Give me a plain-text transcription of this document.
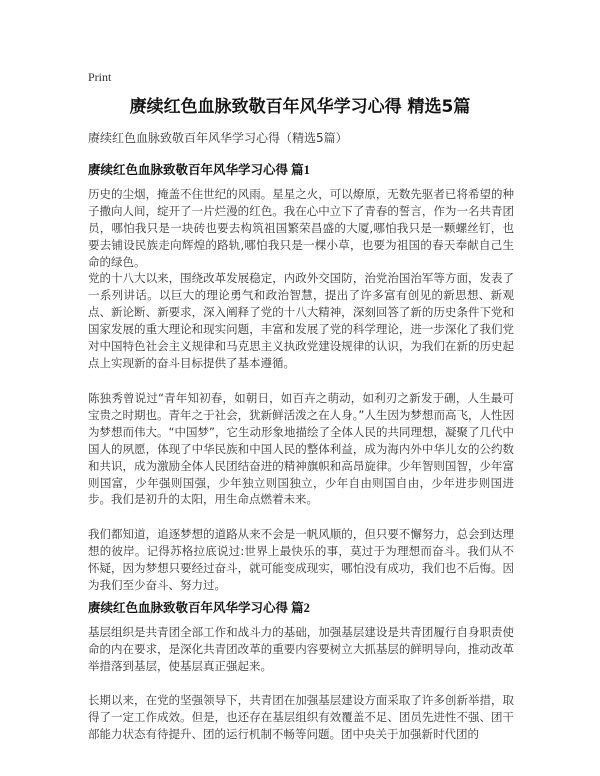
Print
赓续红色血脉致敬百年风华学习心得 精选5篇

赓续红色血脉致敬百年风华学习心得（精选5篇）

赓续红色血脉致敬百年风华学习心得 篇1

历史的尘烟，掩盖不住世纪的风雨。星星之火，可以燎原，无数先驱者已将希望的种子撒向人间，绽开了一片烂漫的红色。我在心中立下了青春的誓言，作为一名共青团员，哪怕我只是一块砖也要去构筑祖国繁荣昌盛的大厦,哪怕我只是一颗螺丝钉，也要去铺设民族走向辉煌的路轨,哪怕我只是一棵小草，也要为祖国的春天奉献自己生命的绿色。

党的十八大以来，围绕改革发展稳定，内政外交国防，治党治国治军等方面，发表了一系列讲话。以巨大的理论勇气和政治智慧，提出了许多富有创见的新思想、新观点、新论断、新要求，深入阐释了党的十八大精神，深刻回答了新的历史条件下党和国家发展的重大理论和现实问题，丰富和发展了党的科学理论，进一步深化了我们党对中国特色社会主义规律和马克思主义执政党建设规律的认识，为我们在新的历史起点上实现新的奋斗目标提供了基本遵循。

陈独秀曾说过“青年知初春，如朝日，如百卉之萌动，如利刃之新发于硎，人生最可宝贵之时期也。青年之于社会，犹新鲜活泼之在人身。”人生因为梦想而高飞，人性因为梦想而伟大。“中国梦”，它生动形象地描绘了全体人民的共同理想，凝聚了几代中国人的夙愿，体现了中华民族和中国人民的整体利益，成为海内外中华儿女的公约数和共识，成为激励全体人民团结奋进的精神旗帜和高昂旋律。少年智则国智，少年富则国富，少年强则国强，少年独立则国独立，少年自由则国自由，少年进步则国进步。我们是初升的太阳，用生命点燃着未来。

我们都知道，追逐梦想的道路从来不会是一帆风顺的，但只要不懈努力，总会到达理想的彼岸。记得苏格拉底说过:世界上最快乐的事，莫过于为理想而奋斗。我们从不怀疑，因为梦想只要经过奋斗，就可能变成现实，哪怕没有成功，我们也不后悔。因为我们至少奋斗、努力过。

赓续红色血脉致敬百年风华学习心得 篇2

基层组织是共青团全部工作和战斗力的基础，加强基层建设是共青团履行自身职责使命的内在要求，是深化共青团改革的重要内容要树立大抓基层的鲜明导向，推动改革举措落到基层，使基层真正强起来。

长期以来，在党的坚强领导下，共青团在加强基层建设方面采取了许多创新举措，取得了一定工作成效。但是，也还存在基层组织有效覆盖不足、团员先进性不强、团干部能力状态有待提升、团的运行机制不畅等问题。团中央关于加强新时代团的
